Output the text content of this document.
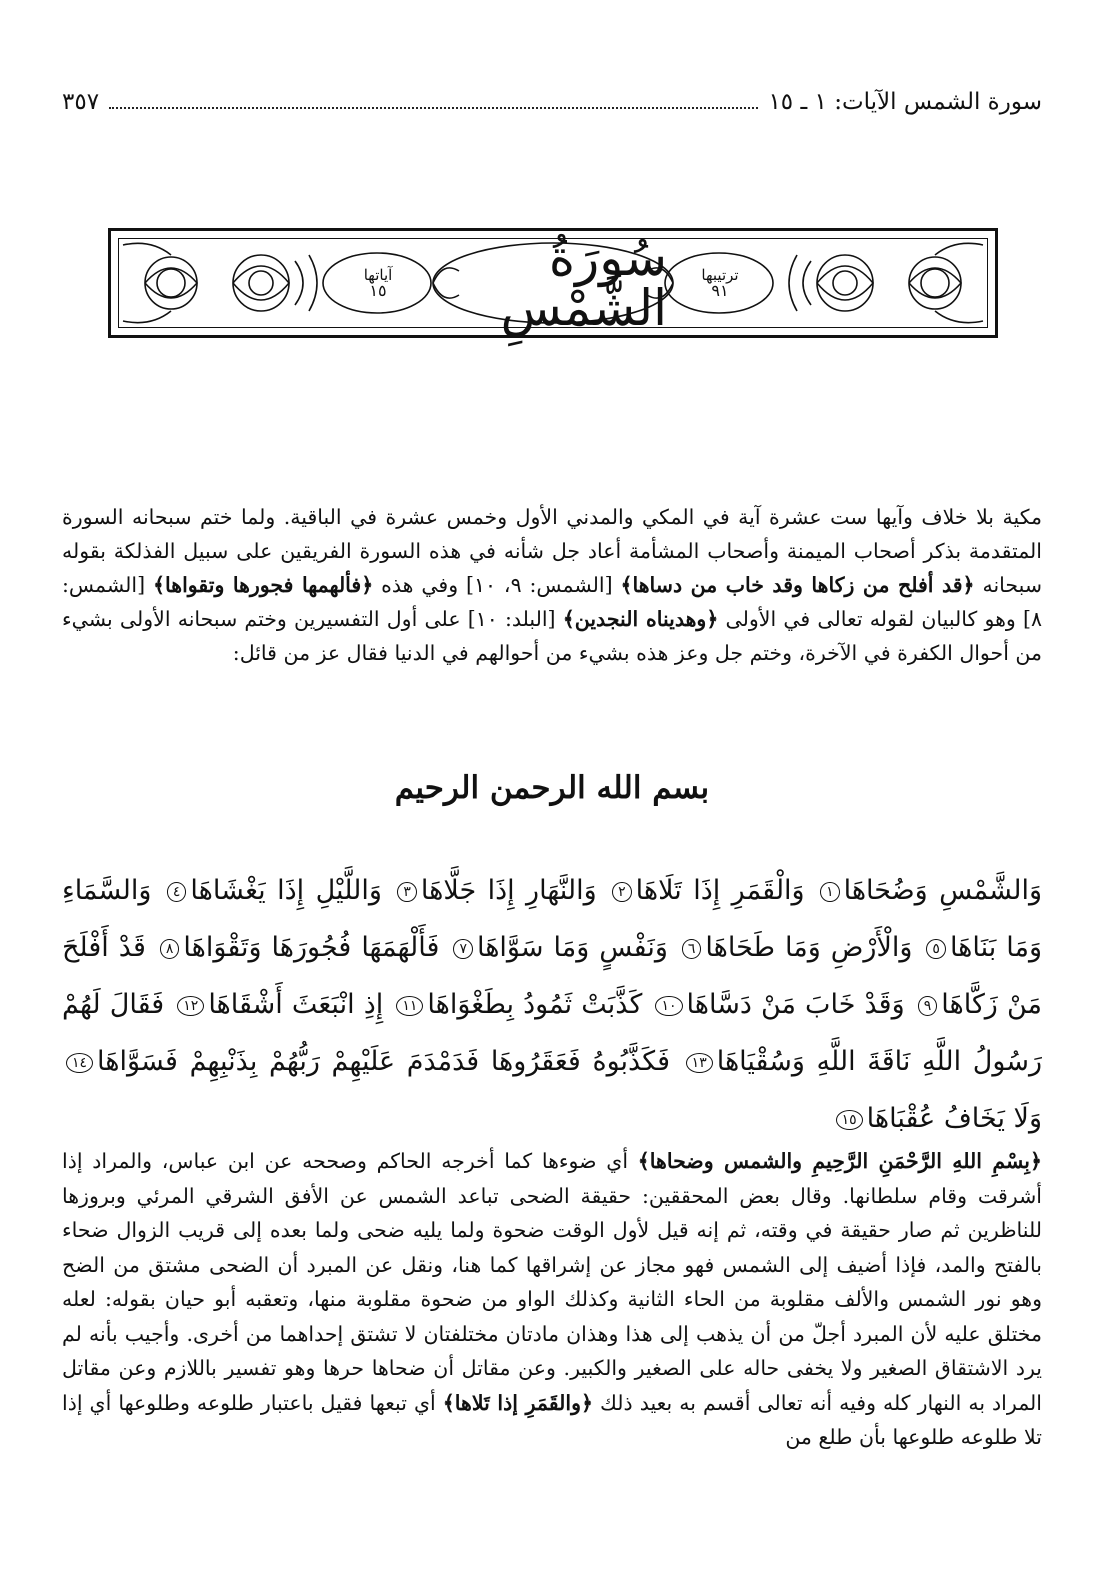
سورة الشمس الآيات: ١ ـ ١٥
٣٥٧
آياتها
١٥
سُورَةُ الشَّمْسِ
ترتيبها
٩١

مكية بلا خلاف وآيها ست عشرة آية في المكي والمدني الأول وخمس عشرة في الباقية. ولما ختم سبحانه السورة المتقدمة بذكر أصحاب الميمنة وأصحاب المشأمة أعاد جل شأنه في هذه السورة الفريقين على سبيل الفذلكة بقوله سبحانه ﴿قد أفلح من زكاها وقد خاب من دساها﴾ [الشمس: ٩، ١٠] وفي هذه ﴿فألهمها فجورها وتقواها﴾ [الشمس: ٨] وهو كالبيان لقوله تعالى في الأولى ﴿وهديناه النجدين﴾ [البلد: ١٠] على أول التفسيرين وختم سبحانه الأولى بشيء من أحوال الكفرة في الآخرة، وختم جل وعز هذه بشيء من أحوالهم في الدنيا فقال عز من قائل:

بسم الله الرحمن الرحيم

وَالشَّمْسِ وَضُحَاهَا١ وَالْقَمَرِ إِذَا تَلَاهَا٢ وَالنَّهَارِ إِذَا جَلَّاهَا٣ وَاللَّيْلِ إِذَا يَغْشَاهَا٤ وَالسَّمَاءِ وَمَا بَنَاهَا٥ وَالْأَرْضِ وَمَا طَحَاهَا٦ وَنَفْسٍ وَمَا سَوَّاهَا٧ فَأَلْهَمَهَا فُجُورَهَا وَتَقْوَاهَا٨ قَدْ أَفْلَحَ مَنْ زَكَّاهَا٩ وَقَدْ خَابَ مَنْ دَسَّاهَا١٠ كَذَّبَتْ ثَمُودُ بِطَغْوَاهَا١١ إِذِ انْبَعَثَ أَشْقَاهَا١٢ فَقَالَ لَهُمْ رَسُولُ اللَّهِ نَاقَةَ اللَّهِ وَسُقْيَاهَا١٣ فَكَذَّبُوهُ فَعَقَرُوهَا فَدَمْدَمَ عَلَيْهِمْ رَبُّهُمْ بِذَنْبِهِمْ فَسَوَّاهَا١٤ وَلَا يَخَافُ عُقْبَاهَا١٥

﴿بِسْمِ اللهِ الرَّحْمَنِ الرَّحِيمِ والشمس وضحاها﴾ أي ضوءها كما أخرجه الحاكم وصححه عن ابن عباس، والمراد إذا أشرقت وقام سلطانها. وقال بعض المحققين: حقيقة الضحى تباعد الشمس عن الأفق الشرقي المرئي وبروزها للناظرين ثم صار حقيقة في وقته، ثم إنه قيل لأول الوقت ضحوة ولما يليه ضحى ولما بعده إلى قريب الزوال ضحاء بالفتح والمد، فإذا أضيف إلى الشمس فهو مجاز عن إشراقها كما هنا، ونقل عن المبرد أن الضحى مشتق من الضح وهو نور الشمس والألف مقلوبة من الحاء الثانية وكذلك الواو من ضحوة مقلوبة منها، وتعقبه أبو حيان بقوله: لعله مختلق عليه لأن المبرد أجلّ من أن يذهب إلى هذا وهذان مادتان مختلفتان لا تشتق إحداهما من أخرى. وأجيب بأنه لم يرد الاشتقاق الصغير ولا يخفى حاله على الصغير والكبير. وعن مقاتل أن ضحاها حرها وهو تفسير باللازم وعن مقاتل المراد به النهار كله وفيه أنه تعالى أقسم به بعيد ذلك ﴿والقَمَرِ إذا تَلاها﴾ أي تبعها فقيل باعتبار طلوعه وطلوعها أي إذا تلا طلوعه طلوعها بأن طلع من
